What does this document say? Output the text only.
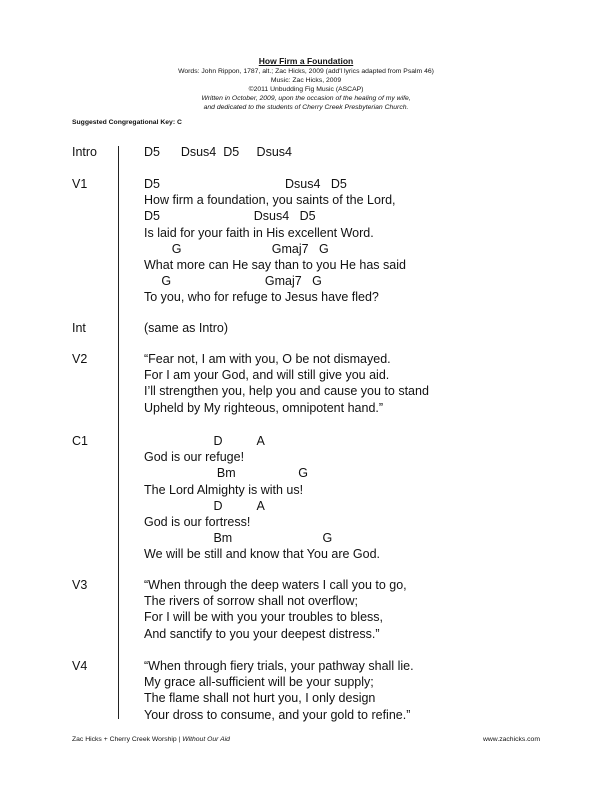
How Firm a Foundation
Words: John Rippon, 1787, alt.; Zac Hicks, 2009 (add'l lyrics adapted from Psalm 46)
Music: Zac Hicks, 2009
©2011 Unbudding Fig Music (ASCAP)
Written in October, 2009, upon the occasion of the healing of my wife,
and dedicated to the students of Cherry Creek Presbyterian Church.
Suggested Congregational Key: C
Intro	D5      Dsus4  D5     Dsus4
V1	D5                                    Dsus4   D5
How firm a foundation, you saints of the Lord,
D5                           Dsus4   D5
Is laid for your faith in His excellent Word.
G                          Gmaj7   G
What more can He say than to you He has said
G                           Gmaj7   G
To you, who for refuge to Jesus have fled?
Int	(same as Intro)
V2	“Fear not, I am with you, O be not dismayed.
For I am your God, and will still give you aid.
I’ll strengthen you, help you and cause you to stand
Upheld by My righteous, omnipotent hand.”
C1	D          A
God is our refuge!
Bm                  G
The Lord Almighty is with us!
D          A
God is our fortress!
Bm                          G
We will be still and know that You are God.
V3	“When through the deep waters I call you to go,
The rivers of sorrow shall not overflow;
For I will be with you your troubles to bless,
And sanctify to you your deepest distress.”
V4	“When through fiery trials, your pathway shall lie.
My grace all-sufficient will be your supply;
The flame shall not hurt you, I only design
Your dross to consume, and your gold to refine.”
Zac Hicks + Cherry Creek Worship | Without Our Aid	www.zachicks.com
